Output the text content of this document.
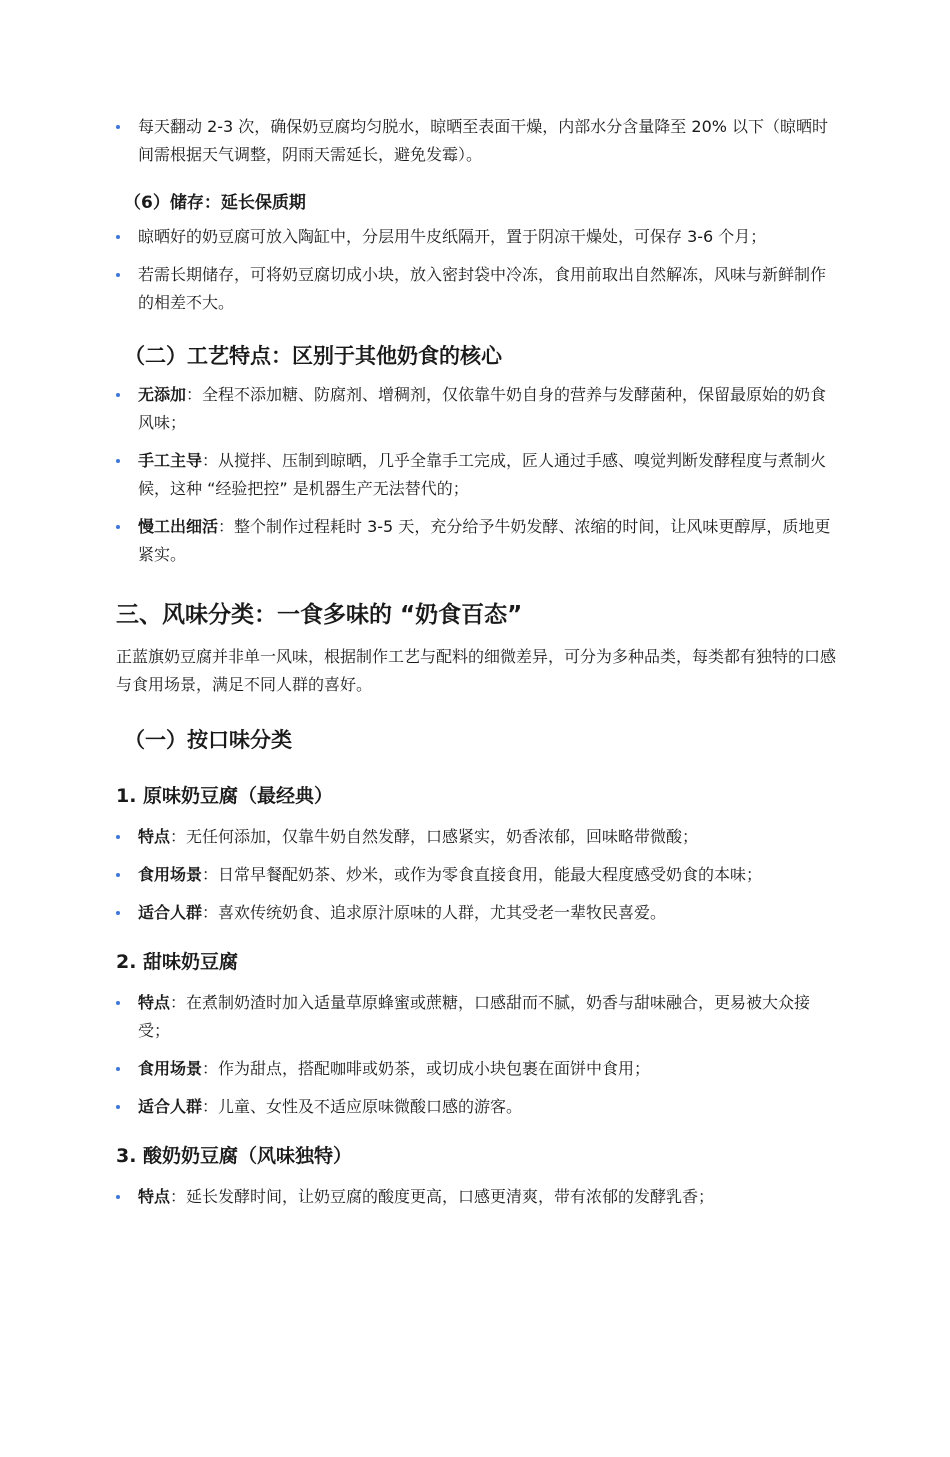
每天翻动 2-3 次，确保奶豆腐均匀脱水，晾晒至表面干燥，内部水分含量降至 20% 以下（晾晒时间需根据天气调整，阴雨天需延长，避免发霉）。
（6）储存：延长保质期
晾晒好的奶豆腐可放入陶缸中，分层用牛皮纸隔开，置于阴凉干燥处，可保存 3-6 个月；
若需长期储存，可将奶豆腐切成小块，放入密封袋中冷冻，食用前取出自然解冻，风味与新鲜制作的相差不大。
（二）工艺特点：区别于其他奶食的核心
无添加：全程不添加糖、防腐剂、增稠剂，仅依靠牛奶自身的营养与发酵菌种，保留最原始的奶食风味；
手工主导：从搅拌、压制到晾晒，几乎全靠手工完成，匠人通过手感、嗅觉判断发酵程度与煮制火候，这种 “经验把控” 是机器生产无法替代的；
慢工出细活：整个制作过程耗时 3-5 天，充分给予牛奶发酵、浓缩的时间，让风味更醇厚，质地更紧实。
三、风味分类：一食多味的 “奶食百态”

正蓝旗奶豆腐并非单一风味，根据制作工艺与配料的细微差异，可分为多种品类，每类都有独特的口感与食用场景，满足不同人群的喜好。

（一）按口味分类
1. 原味奶豆腐（最经典）
特点：无任何添加，仅靠牛奶自然发酵，口感紧实，奶香浓郁，回味略带微酸；
食用场景：日常早餐配奶茶、炒米，或作为零食直接食用，能最大程度感受奶食的本味；
适合人群：喜欢传统奶食、追求原汁原味的人群，尤其受老一辈牧民喜爱。
2. 甜味奶豆腐
特点：在煮制奶渣时加入适量草原蜂蜜或蔗糖，口感甜而不腻，奶香与甜味融合，更易被大众接受；
食用场景：作为甜点，搭配咖啡或奶茶，或切成小块包裹在面饼中食用；
适合人群：儿童、女性及不适应原味微酸口感的游客。
3. 酸奶奶豆腐（风味独特）
特点：延长发酵时间，让奶豆腐的酸度更高，口感更清爽，带有浓郁的发酵乳香；
